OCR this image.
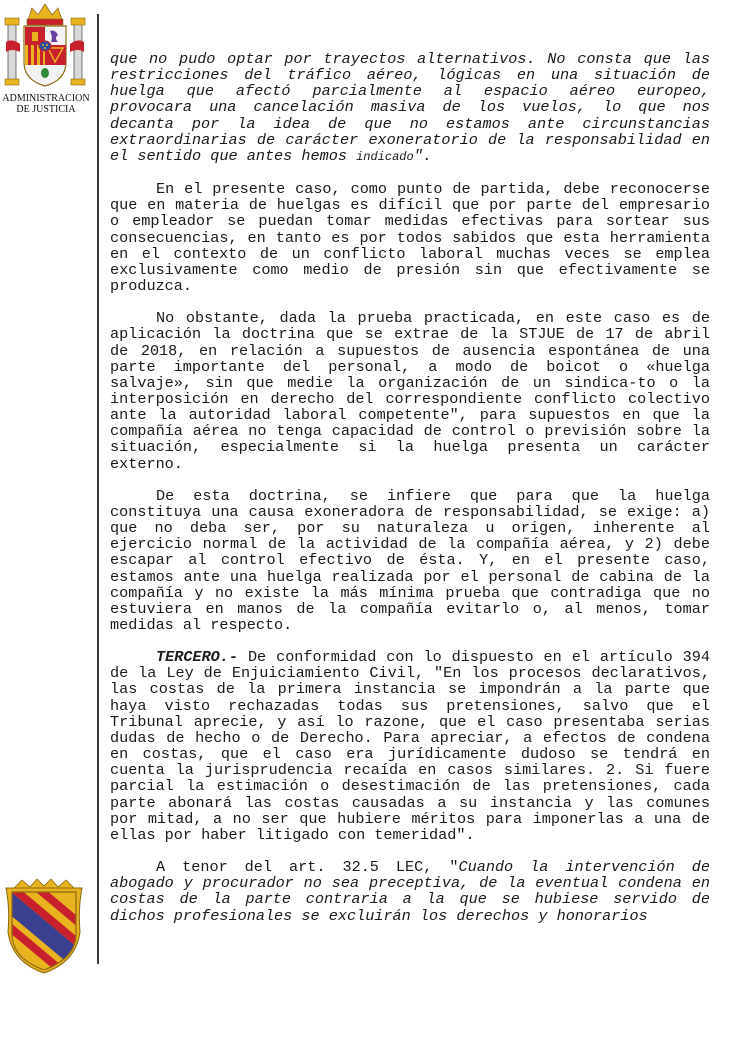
ADMINISTRACION
DE JUSTICIA

que no pudo optar por trayectos alternativos. No consta que las restricciones del tráfico aéreo, lógicas en una situación de huelga que afectó parcialmente al espacio aéreo europeo, provocara una cancelación masiva de los vuelos, lo que nos decanta por la idea de que no estamos ante circunstancias extraordinarias de carácter exoneratorio de la responsabilidad en el sentido que antes hemos indicado".

En el presente caso, como punto de partida, debe reconocerse que en materia de huelgas es difícil que por parte del empresario o empleador se puedan tomar medidas efectivas para sortear sus consecuencias, en tanto es por todos sabidos que esta herramienta en el contexto de un conflicto laboral muchas veces se emplea exclusivamente como medio de presión sin que efectivamente se produzca.

No obstante, dada la prueba practicada, en este caso es de aplicación la doctrina que se extrae de la STJUE de 17 de abril de 2018, en relación a supuestos de ausencia espontánea de una parte importante del personal, a modo de boicot o «huelga salvaje», sin que medie la organización de un sindica-to o la interposición en derecho del correspondiente conflicto colectivo ante la autoridad laboral competente", para supuestos en que la compañía aérea no tenga capacidad de control o previsión sobre la situación, especialmente si la huelga presenta un carácter externo.

De esta doctrina, se infiere que para que la huelga constituya una causa exoneradora de responsabilidad, se exige: a) que no deba ser, por su naturaleza u origen, inherente al ejercicio normal de la actividad de la compañía aérea, y 2) debe escapar al control efectivo de ésta. Y, en el presente caso, estamos ante una huelga realizada por el personal de cabina de la compañía y no existe la más mínima prueba que contradiga que no estuviera en manos de la compañía evitarlo o, al menos, tomar medidas al respecto.

TERCERO.- De conformidad con lo dispuesto en el artículo 394 de la Ley de Enjuiciamiento Civil, "En los procesos declarativos, las costas de la primera instancia se impondrán a la parte que haya visto rechazadas todas sus pretensiones, salvo que el Tribunal aprecie, y así lo razone, que el caso presentaba serias dudas de hecho o de Derecho. Para apreciar, a efectos de condena en costas, que el caso era jurídicamente dudoso se tendrá en cuenta la jurisprudencia recaída en casos similares. 2. Si fuere parcial la estimación o desestimación de las pretensiones, cada parte abonará las costas causadas a su instancia y las comunes por mitad, a no ser que hubiere méritos para imponerlas a una de ellas por haber litigado con temeridad".

A tenor del art. 32.5 LEC, "Cuando la intervención de abogado y procurador no sea preceptiva, de la eventual condena en costas de la parte contraria a la que se hubiese servido de dichos profesionales se excluirán los derechos y honorarios
